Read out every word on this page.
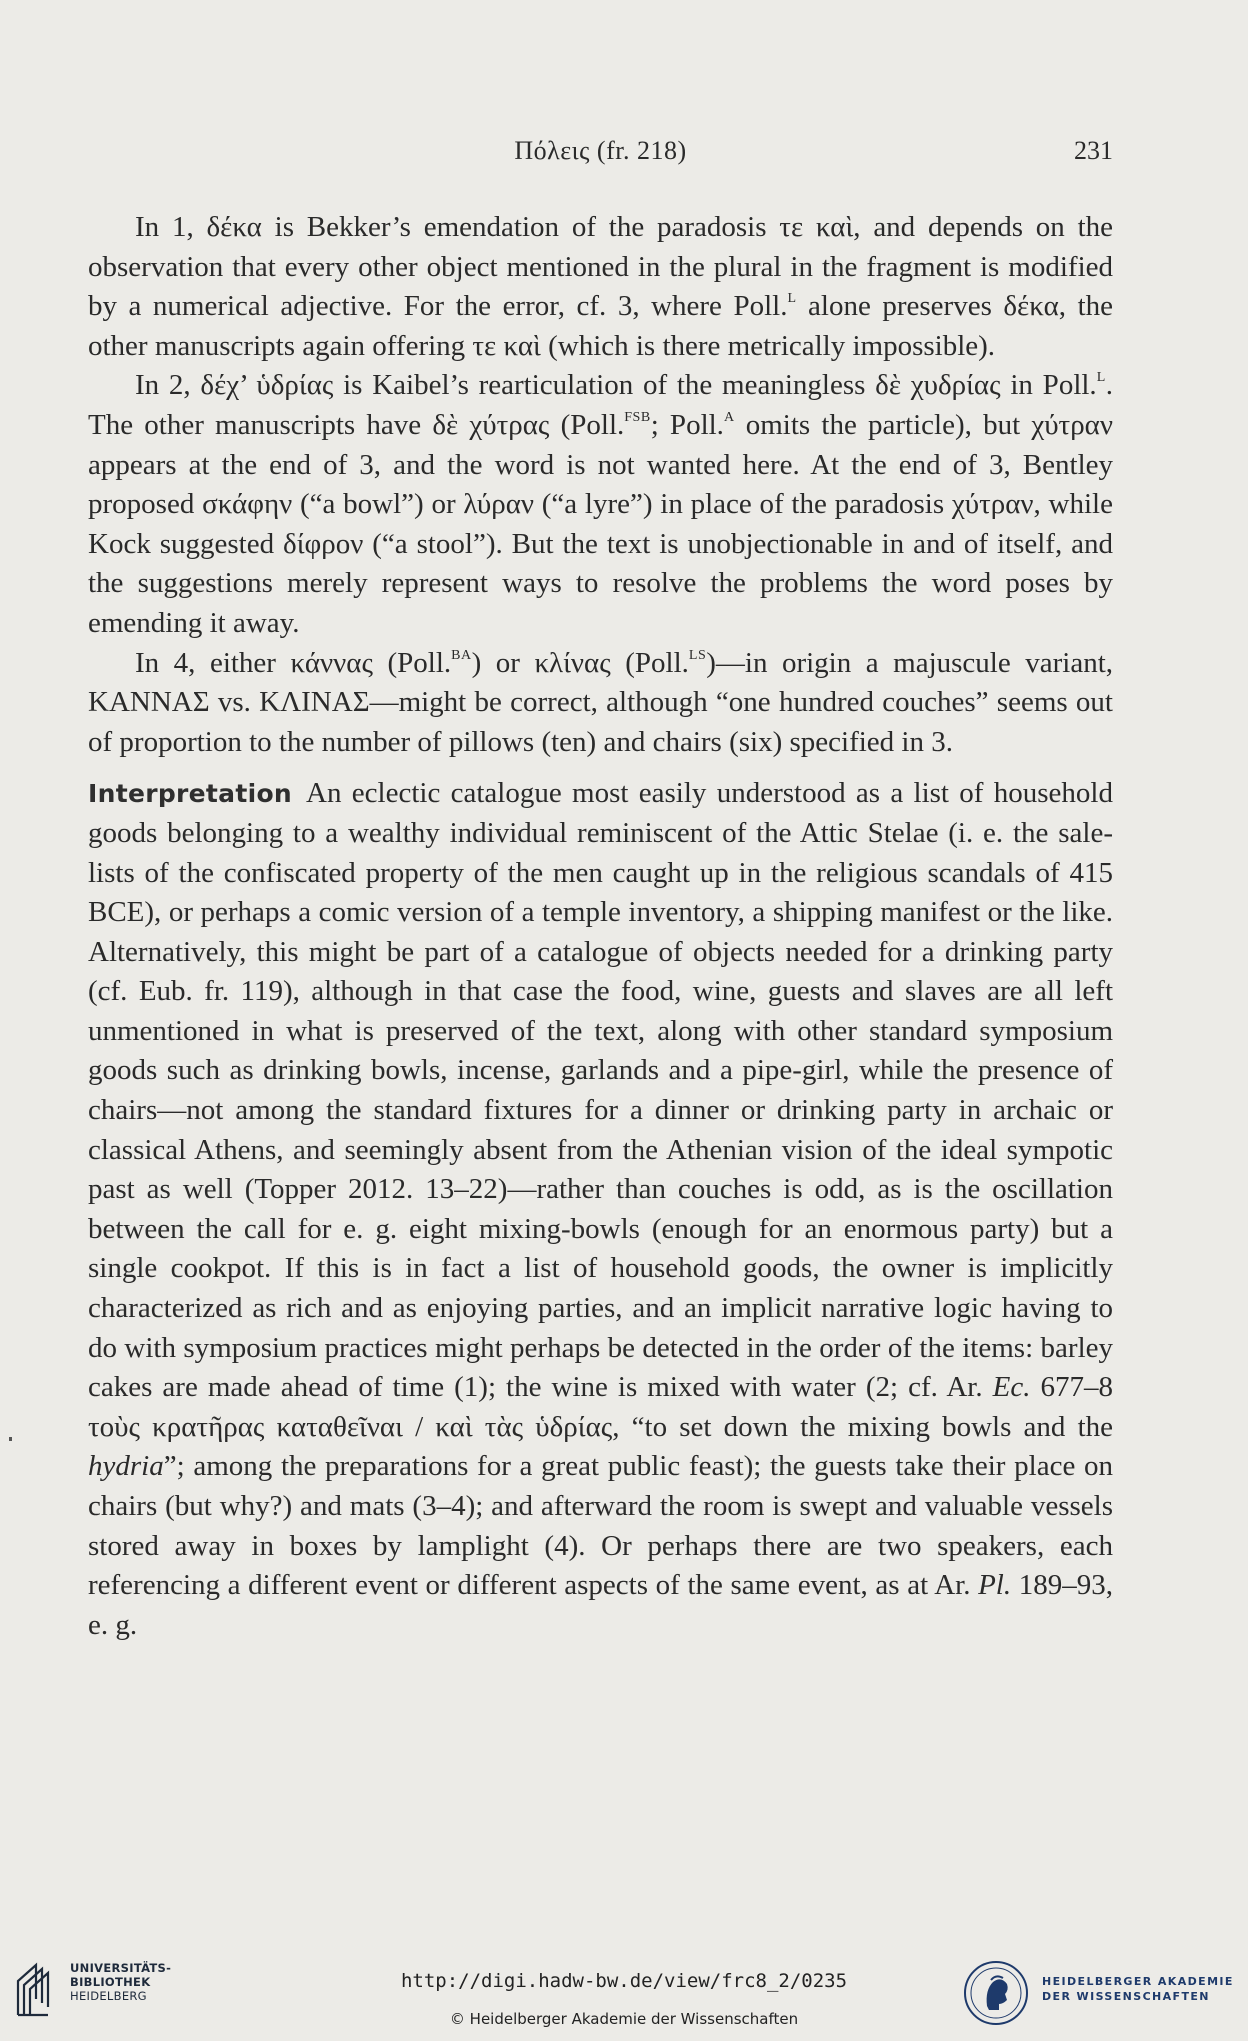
Πόλεις (fr. 218)	231

In 1, δέκα is Bekker’s emendation of the paradosis τε καὶ, and depends on the observation that every other object mentioned in the plural in the fragment is modified by a numerical adjective. For the error, cf. 3, where Poll.$^L$ alone preserves δέκα, the other manuscripts again offering τε καὶ (which is there metrically impossible).

In 2, δέχ’ ὑδρίας is Kaibel’s rearticulation of the meaningless δὲ χυδρίας in Poll.$^L$. The other manuscripts have δὲ χύτρας (Poll.$^{FSB}$; Poll.$^A$ omits the particle), but χύτραν appears at the end of 3, and the word is not wanted here. At the end of 3, Bentley proposed σκάφην (“a bowl”) or λύραν (“a lyre”) in place of the paradosis χύτραν, while Kock suggested δίφρον (“a stool”). But the text is unobjectionable in and of itself, and the suggestions merely represent ways to resolve the problems the word poses by emending it away.

In 4, either κάννας (Poll.$^{BA}$) or κλίνας (Poll.$^{LS}$)—in origin a majuscule variant, ΚΑΝΝΑΣ vs. ΚΛΙΝΑΣ—might be correct, although “one hundred couches” seems out of proportion to the number of pillows (ten) and chairs (six) specified in 3.

Interpretation An eclectic catalogue most easily understood as a list of household goods belonging to a wealthy individual reminiscent of the Attic Stelae (i. e. the sale-lists of the confiscated property of the men caught up in the religious scandals of 415 BCE), or perhaps a comic version of a temple inventory, a shipping manifest or the like. Alternatively, this might be part of a catalogue of objects needed for a drinking party (cf. Eub. fr. 119), although in that case the food, wine, guests and slaves are all left unmentioned in what is preserved of the text, along with other standard symposium goods such as drinking bowls, incense, garlands and a pipe-girl, while the presence of chairs—not among the standard fixtures for a dinner or drinking party in archaic or classical Athens, and seemingly absent from the Athenian vision of the ideal sympotic past as well (Topper 2012. 13–22)—rather than couches is odd, as is the oscillation between the call for e. g. eight mixing-bowls (enough for an enormous party) but a single cookpot. If this is in fact a list of household goods, the owner is implicitly characterized as rich and as enjoying parties, and an implicit narrative logic having to do with symposium practices might perhaps be detected in the order of the items: barley cakes are made ahead of time (1); the wine is mixed with water (2; cf. Ar. Ec. 677–8 τοὺς κρατῆρας καταθεῖναι / καὶ τὰς ὑδρίας, “to set down the mixing bowls and the hydria”; among the preparations for a great public feast); the guests take their place on chairs (but why?) and mats (3–4); and afterward the room is swept and valuable vessels stored away in boxes by lamplight (4). Or perhaps there are two speakers, each referencing a different event or different aspects of the same event, as at Ar. Pl. 189–93, e. g.

UNIVERSITÄTS-
BIBLIOTHEK
HEIDELBERG
http://digi.hadw-bw.de/view/frc8_2/0235
© Heidelberger Akademie der Wissenschaften
HEIDELBERGER AKADEMIE
DER WISSENSCHAFTEN
